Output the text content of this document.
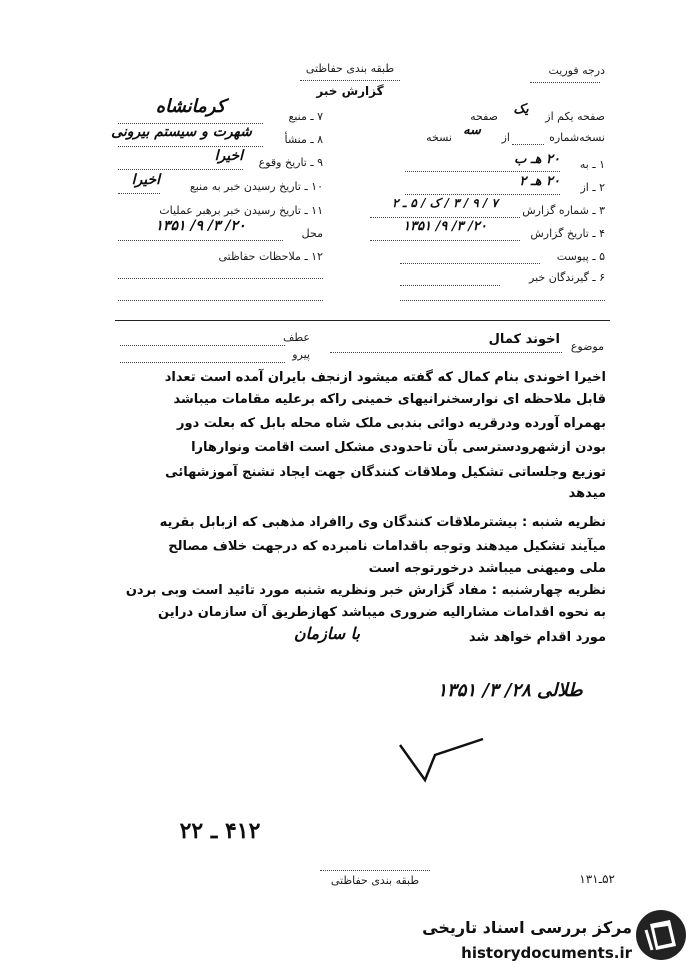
طبقه بندی حفاظتی
گزارش خبر
درجه فوریت
صفحه یکم از
یک
صفحه
نسخه‌شماره
از
سه
نسخه
۱ ـ به
۲۰ هـ ب
۲ ـ از
۲۰ هـ ۲
۳ ـ شماره گزارش
۷ / ۹ / ۳ / ک / ۵ ـ ۲
۴ ـ تاریخ گزارش
۲۰/ ۳/ ۹/ ۱۳۵۱
۵ ـ پیوست
۶ ـ گیرندگان خبر
۷ ـ منبع
کرمانشاه
۸ ـ منشأ
شهرت و سیستم بیرونی
۹ ـ تاریخ وقوع
اخیرا
۱۰ ـ تاریخ رسیدن خبر به منبع
اخیرا
۱۱ ـ تاریخ رسیدن خبر برهبر عملیات
محل
۲۰/ ۳/ ۹/ ۱۳۵۱
۱۲ ـ ملاحظات حفاظتی
عطف
پیرو
موضوع
اخوند کمال
اخیرا اخوندی بنام کمال که گفته میشود ازنجف بایران آمده است تعداد
قابل ملاحظه ای نوارسخنرانیهای خمینی راکه برعلیه مقامات میباشد
بهمراه آورده ودرقریه دوائی بندبی ملک شاه محله بابل که بعلت دور
بودن ازشهرودسترسی بآن تاحدودی مشکل است اقامت ونوارهارا
توزیع وجلساتی تشکیل وملاقات کنندگان جهت ایجاد تشنج آموزشهائی
میدهد
نظریه شنبه : بیشترملاقات کنندگان وی راافراد مذهبی که ازبابل بقریه
میآیند تشکیل میدهند وتوجه باقدامات نامبرده که درجهت خلاف مصالح
ملی ومیهنی میباشد درخورتوجه است
نظریه چهارشنبه : مفاد گزارش خبر ونظریه شنبه مورد تائید است وبی بردن
به نحوه اقدامات مشارالیه ضروری میباشد کهازطریق آن سازمان دراین
مورد اقدام خواهد شد
با سازمان
طلالی ۲۸/ ۳/ ۱۳۵۱
۴۱۲ ـ ۲۲
طبقه بندی حفاظتی	۵۲ـ۱۳۱
مرکز بررسی اسناد تاریخی
historydocuments.ir
